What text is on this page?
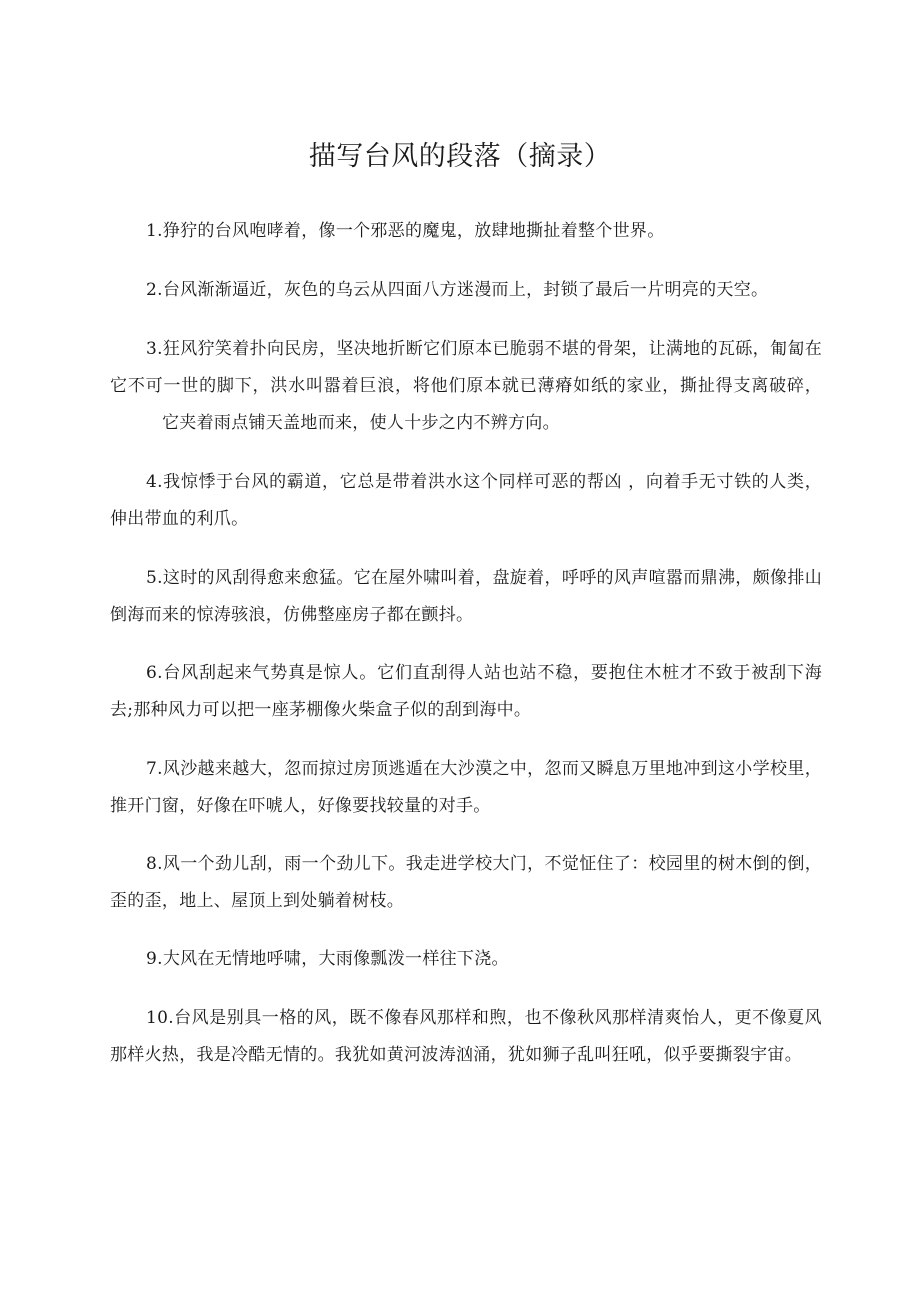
描写台风的段落（摘录）

1.狰狞的台风咆哮着，像一个邪恶的魔鬼，放肆地撕扯着整个世界。

2.台风渐渐逼近，灰色的乌云从四面八方迷漫而上，封锁了最后一片明亮的天空。

3.狂风狞笑着扑向民房，坚决地折断它们原本已脆弱不堪的骨架，让满地的瓦砾，匍匐在它不可一世的脚下，洪水叫嚣着巨浪，将他们原本就已薄瘠如纸的家业，撕扯得支离破碎，它夹着雨点铺天盖地而来，使人十步之内不辨方向。

4.我惊悸于台风的霸道，它总是带着洪水这个同样可恶的帮凶 ，向着手无寸铁的人类，伸出带血的利爪。

5.这时的风刮得愈来愈猛。它在屋外啸叫着，盘旋着，呼呼的风声喧嚣而鼎沸，颇像排山倒海而来的惊涛骇浪，仿佛整座房子都在颤抖。

6.台风刮起来气势真是惊人。它们直刮得人站也站不稳，要抱住木桩才不致于被刮下海去;那种风力可以把一座茅棚像火柴盒子似的刮到海中。

7.风沙越来越大，忽而掠过房顶逃遁在大沙漠之中，忽而又瞬息万里地冲到这小学校里，推开门窗，好像在吓唬人，好像要找较量的对手。

8.风一个劲儿刮，雨一个劲儿下。我走进学校大门，不觉怔住了：校园里的树木倒的倒，歪的歪，地上、屋顶上到处躺着树枝。

9.大风在无情地呼啸，大雨像瓢泼一样往下浇。

10.台风是别具一格的风，既不像春风那样和煦，也不像秋风那样清爽怡人，更不像夏风那样火热，我是冷酷无情的。我犹如黄河波涛汹涌，犹如狮子乱叫狂吼，似乎要撕裂宇宙。
